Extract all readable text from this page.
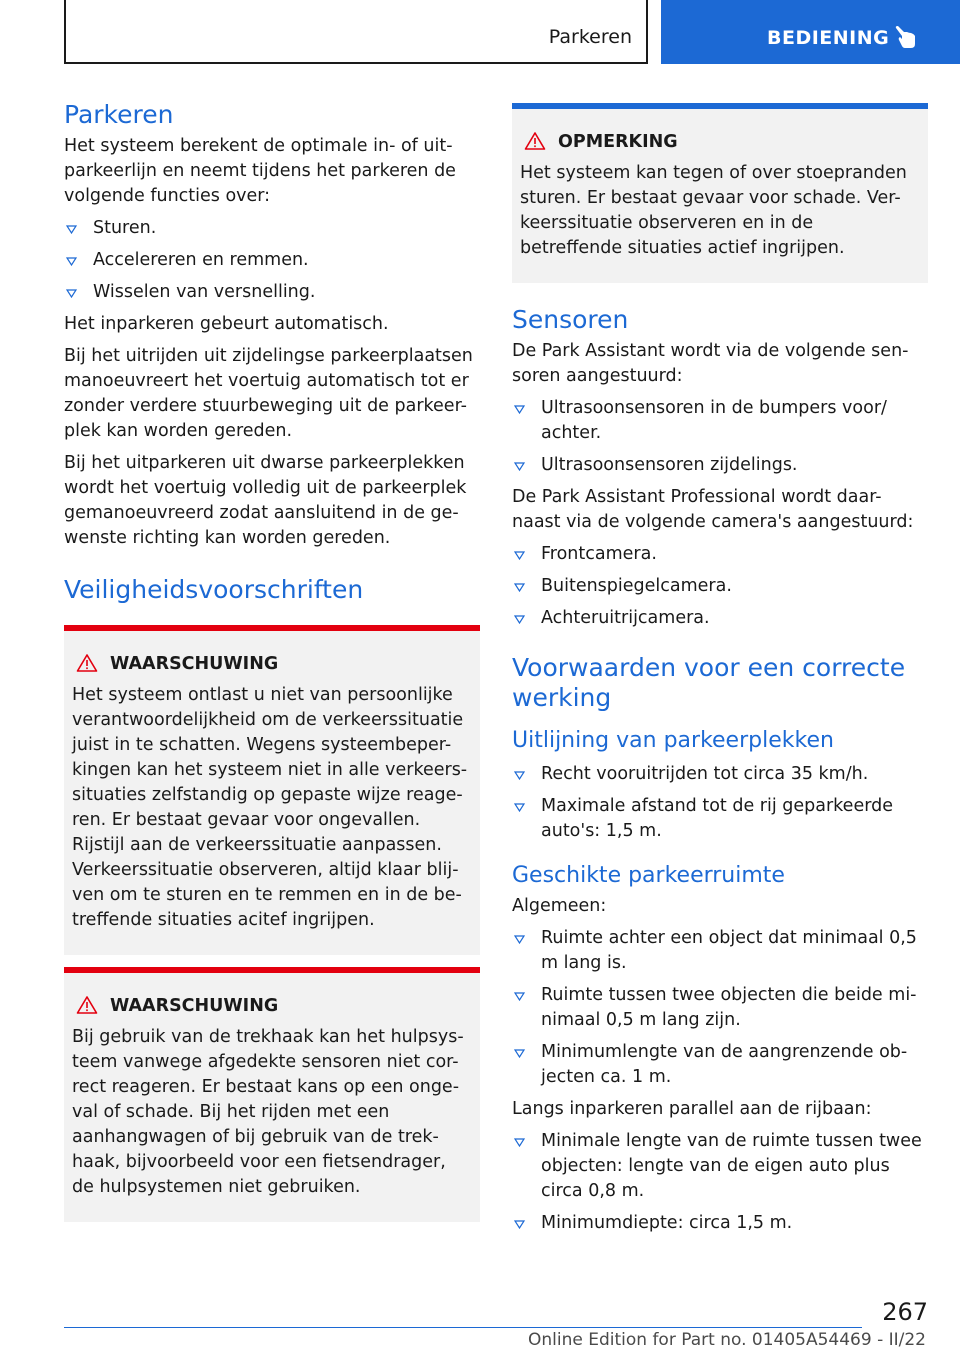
Parkeren	BEDIENING
Parkeren

Het systeem berekent de optimale in- of uit-parkeerlijn en neemt tijdens het parkeren de volgende functies over:

Sturen.
Accelereren en remmen.
Wisselen van versnelling.

Het inparkeren gebeurt automatisch.

Bij het uitrijden uit zijdelingse parkeerplaatsen manoeuvreert het voertuig automatisch tot er zonder verdere stuurbeweging uit de parkeer-plek kan worden gereden.

Bij het uitparkeren uit dwarse parkeerplekken wordt het voertuig volledig uit de parkeerplek gemanoeuvreerd zodat aansluitend in de ge-wenste richting kan worden gereden.

Veiligheidsvoorschriften
WAARSCHUWING

Het systeem ontlast u niet van persoonlijke verantwoordelijkheid om de verkeerssituatie juist in te schatten. Wegens systeembeper-kingen kan het systeem niet in alle verkeers-situaties zelfstandig op gepaste wijze reage-ren. Er bestaat gevaar voor ongevallen. Rijstijl aan de verkeerssituatie aanpassen. Verkeerssituatie observeren, altijd klaar blij-ven om te sturen en te remmen en in de be-treffende situaties acitef ingrijpen.

WAARSCHUWING

Bij gebruik van de trekhaak kan het hulpsys-teem vanwege afgedekte sensoren niet cor-rect reageren. Er bestaat kans op een onge-val of schade. Bij het rijden met een aanhangwagen of bij gebruik van de trek-haak, bijvoorbeeld voor een fietsendrager, de hulpsystemen niet gebruiken.

OPMERKING

Het systeem kan tegen of over stoepranden sturen. Er bestaat gevaar voor schade. Ver-keerssituatie observeren en in de betreffende situaties actief ingrijpen.

Sensoren

De Park Assistant wordt via de volgende sen-soren aangestuurd:

Ultrasoonsensoren in de bumpers voor/ achter.
Ultrasoonsensoren zijdelings.

De Park Assistant Professional wordt daar-naast via de volgende camera's aangestuurd:

Frontcamera.
Buitenspiegelcamera.
Achteruitrijcamera.
Voorwaarden voor een correcte werking
Uitlijning van parkeerplekken
Recht vooruitrijden tot circa 35 km/h.
Maximale afstand tot de rij geparkeerde auto's: 1,5 m.
Geschikte parkeerruimte

Algemeen:

Ruimte achter een object dat minimaal 0,5 m lang is.
Ruimte tussen twee objecten die beide mi-nimaal 0,5 m lang zijn.
Minimumlengte van de aangrenzende ob-jecten ca. 1 m.

Langs inparkeren parallel aan de rijbaan:

Minimale lengte van de ruimte tussen twee objecten: lengte van de eigen auto plus circa 0,8 m.
Minimumdiepte: circa 1,5 m.
267
Online Edition for Part no. 01405A54469 - II/22
